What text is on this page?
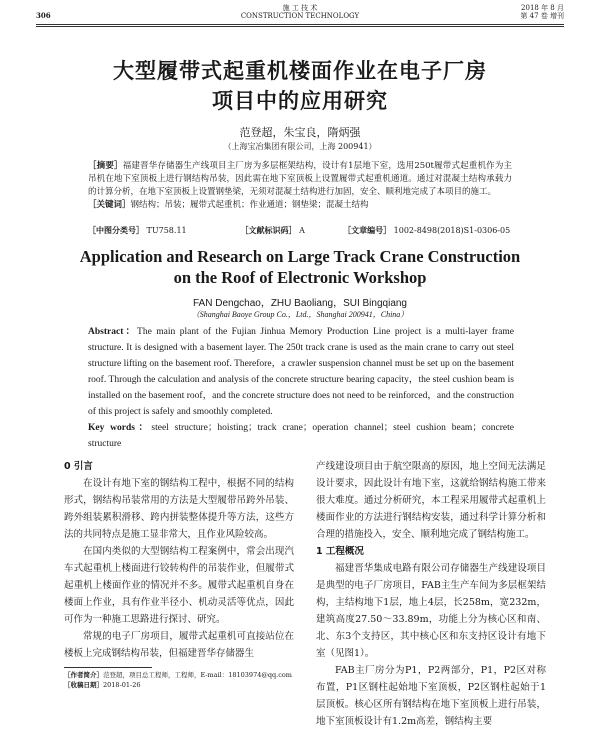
306
施 工 技 术
CONSTRUCTION TECHNOLOGY
2018 年 8 月
第 47 卷 增刊
大型履带式起重机楼面作业在电子厂房
项目中的应用研究
范登超，朱宝良，隋炳强
（上海宝冶集团有限公司，上海 200941）
［摘要］福建晋华存储器生产线项目主厂房为多层框架结构，设计有1层地下室，选用250t履带式起重机作为主吊机在地下室顶板上进行钢结构吊装，因此需在地下室顶板上设置履带式起重机通道。通过对混凝土结构承载力的计算分析，在地下室顶板上设置钢垫梁，无须对混凝土结构进行加固，安全、顺利地完成了本项目的施工。
［关键词］钢结构；吊装；履带式起重机；作业通道；钢垫梁；混凝土结构
［中图分类号］ TU758.11	［文献标识码］ A	［文章编号］ 1002-8498(2018)S1-0306-05
Application and Research on Large Track Crane Construction
on the Roof of Electronic Workshop
FAN Dengchao，ZHU Baoliang，SUI Bingqiang
（Shanghai Baoye Group Co.，Ltd.，Shanghai 200941，China）
Abstract：The main plant of the Fujian Jinhua Memory Production Line project is a multi-layer frame structure. It is designed with a basement layer. The 250t track crane is used as the main crane to carry out steel structure lifting on the basement roof. Therefore，a crawler suspension channel must be set up on the basement roof. Through the calculation and analysis of the concrete structure bearing capacity，the steel cushion beam is installed on the basement roof，and the concrete structure does not need to be reinforced，and the construction of this project is safely and smoothly completed.
Key words：steel structure；hoisting；track crane；operation channel；steel cushion beam；concrete structure
0 引言

在设计有地下室的钢结构工程中，根据不同的结构形式，钢结构吊装常用的方法是大型履带吊跨外吊装、跨外组装累积滑移、跨内拼装整体提升等方法，这些方法的共同特点是施工显非常大，且作业风险较高。

在国内类似的大型钢结构工程案例中，常会出现汽车式起重机上楼面进行铰转构件的吊装作业，但履带式起重机上楼面作业的情况并不多。履带式起重机自身在楼面上作业，具有作业半径小、机动灵活等优点，因此可作为一种施工思路进行探讨、研究。

常规的电子厂房项目，履带式起重机可直接站位在楼板上完成钢结构吊装，但福建晋华存储器生

产线建设项目由于航空限高的原因，地上空间无法满足设计要求，因此设计有地下室，这就给钢结构施工带来很大难度。通过分析研究，本工程采用履带式起重机上楼面作业的方法进行钢结构安装，通过科学计算分析和合理的措施投入，安全、顺利地完成了钢结构施工。

1 工程概况

福建晋华集成电路有限公司存储器生产线建设项目是典型的电子厂房项目，FAB主生产车间为多层框架结构，主结构地下1层，地上4层，长258m，宽232m，建筑高度27.50～33.89m，功能上分为核心区和南、北、东3个支持区，其中核心区和东支持区设计有地下室（见图1）。

FAB主厂房分为P1，P2两部分，P1，P2区对称布置，P1区钢柱起始地下室顶板，P2区钢柱起始于1层顶板。核心区所有钢结构在地下室顶板上进行吊装，地下室顶板设计有1.2m高差，钢结构主要

［作者简介］范登超，项目总工程师，工程师，E-mail：18103974@qq.com
［收稿日期］2018-01-26
